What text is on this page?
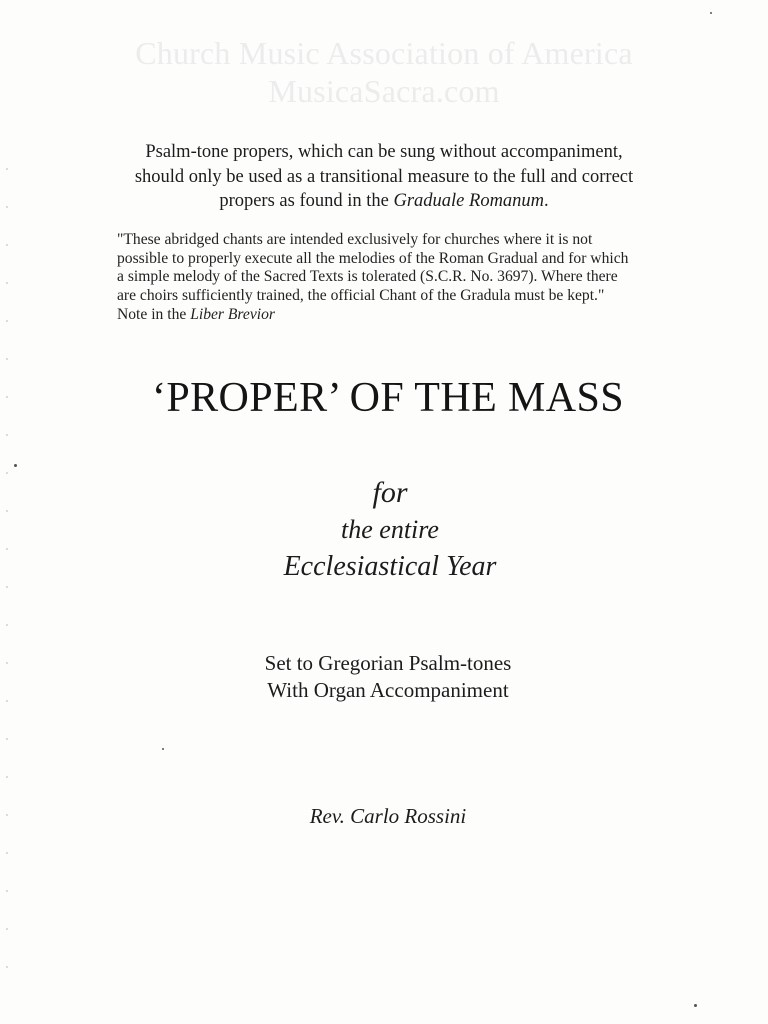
Church Music Association of America
MusicaSacra.com
Psalm-tone propers, which can be sung without accompaniment,
should only be used as a transitional measure to the full and correct
propers as found in the Graduale Romanum.
"These abridged chants are intended exclusively for churches where it is not possible to properly execute all the melodies of the Roman Gradual and for which a simple melody of the Sacred Texts is tolerated (S.C.R. No. 3697). Where there are choirs sufficiently trained, the official Chant of the Gradula must be kept." Note in the Liber Brevior
‘PROPER’ OF THE MASS
for
the entire
Ecclesiastical Year
Set to Gregorian Psalm-tones
With Organ Accompaniment
Rev. Carlo Rossini
